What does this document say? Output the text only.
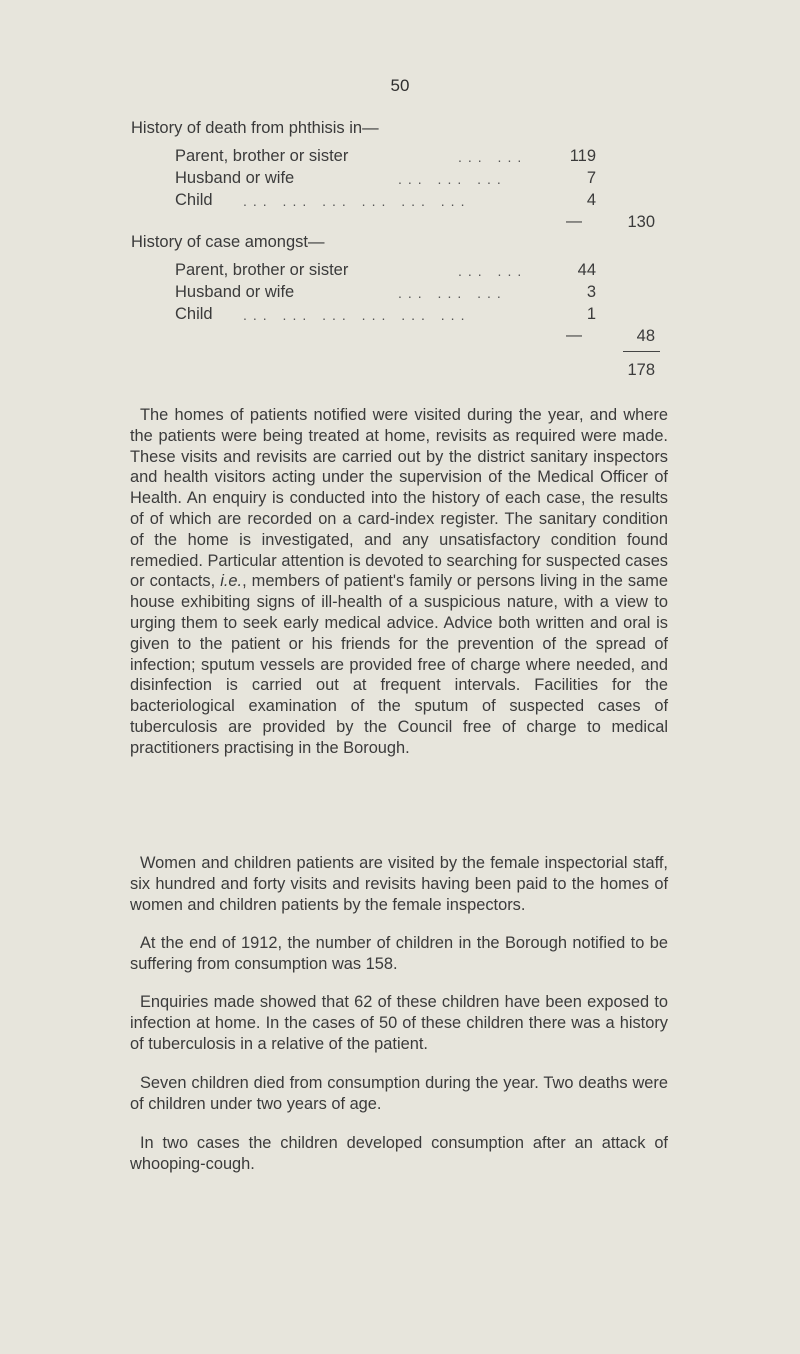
50
History of death from phthisis in—
Parent, brother or sister	... ...	119
Husband or wife	... ... ...	7
Child ... ... ... ... ... ...	4
—	130
History of case amongst—
Parent, brother or sister	... ...	44
Husband or wife	... ... ...	3
Child ... ... ... ... ... ...	1
—	48
178
The homes of patients notified were visited during the year, and where the patients were being treated at home, revisits as required were made. These visits and revisits are carried out by the district sanitary inspectors and health visitors acting under the supervision of the Medical Officer of Health. An enquiry is conducted into the history of each case, the results of of which are recorded on a card-index register. The sanitary condition of the home is investigated, and any unsatisfactory condition found remedied. Particular attention is devoted to searching for suspected cases or contacts, i.e., members of patient's family or persons living in the same house exhibiting signs of ill-health of a suspicious nature, with a view to urging them to seek early medical advice. Advice both written and oral is given to the patient or his friends for the prevention of the spread of infection; sputum vessels are provided free of charge where needed, and disinfection is carried out at frequent intervals. Facilities for the bacteriological examination of the sputum of suspected cases of tuberculosis are provided by the Council free of charge to medical practitioners practising in the Borough.
Women and children patients are visited by the female inspectorial staff, six hundred and forty visits and revisits having been paid to the homes of women and children patients by the female inspectors.
At the end of 1912, the number of children in the Borough notified to be suffering from consumption was 158.
Enquiries made showed that 62 of these children have been exposed to infection at home. In the cases of 50 of these children there was a history of tuberculosis in a relative of the patient.
Seven children died from consumption during the year. Two deaths were of children under two years of age.
In two cases the children developed consumption after an attack of whooping-cough.
